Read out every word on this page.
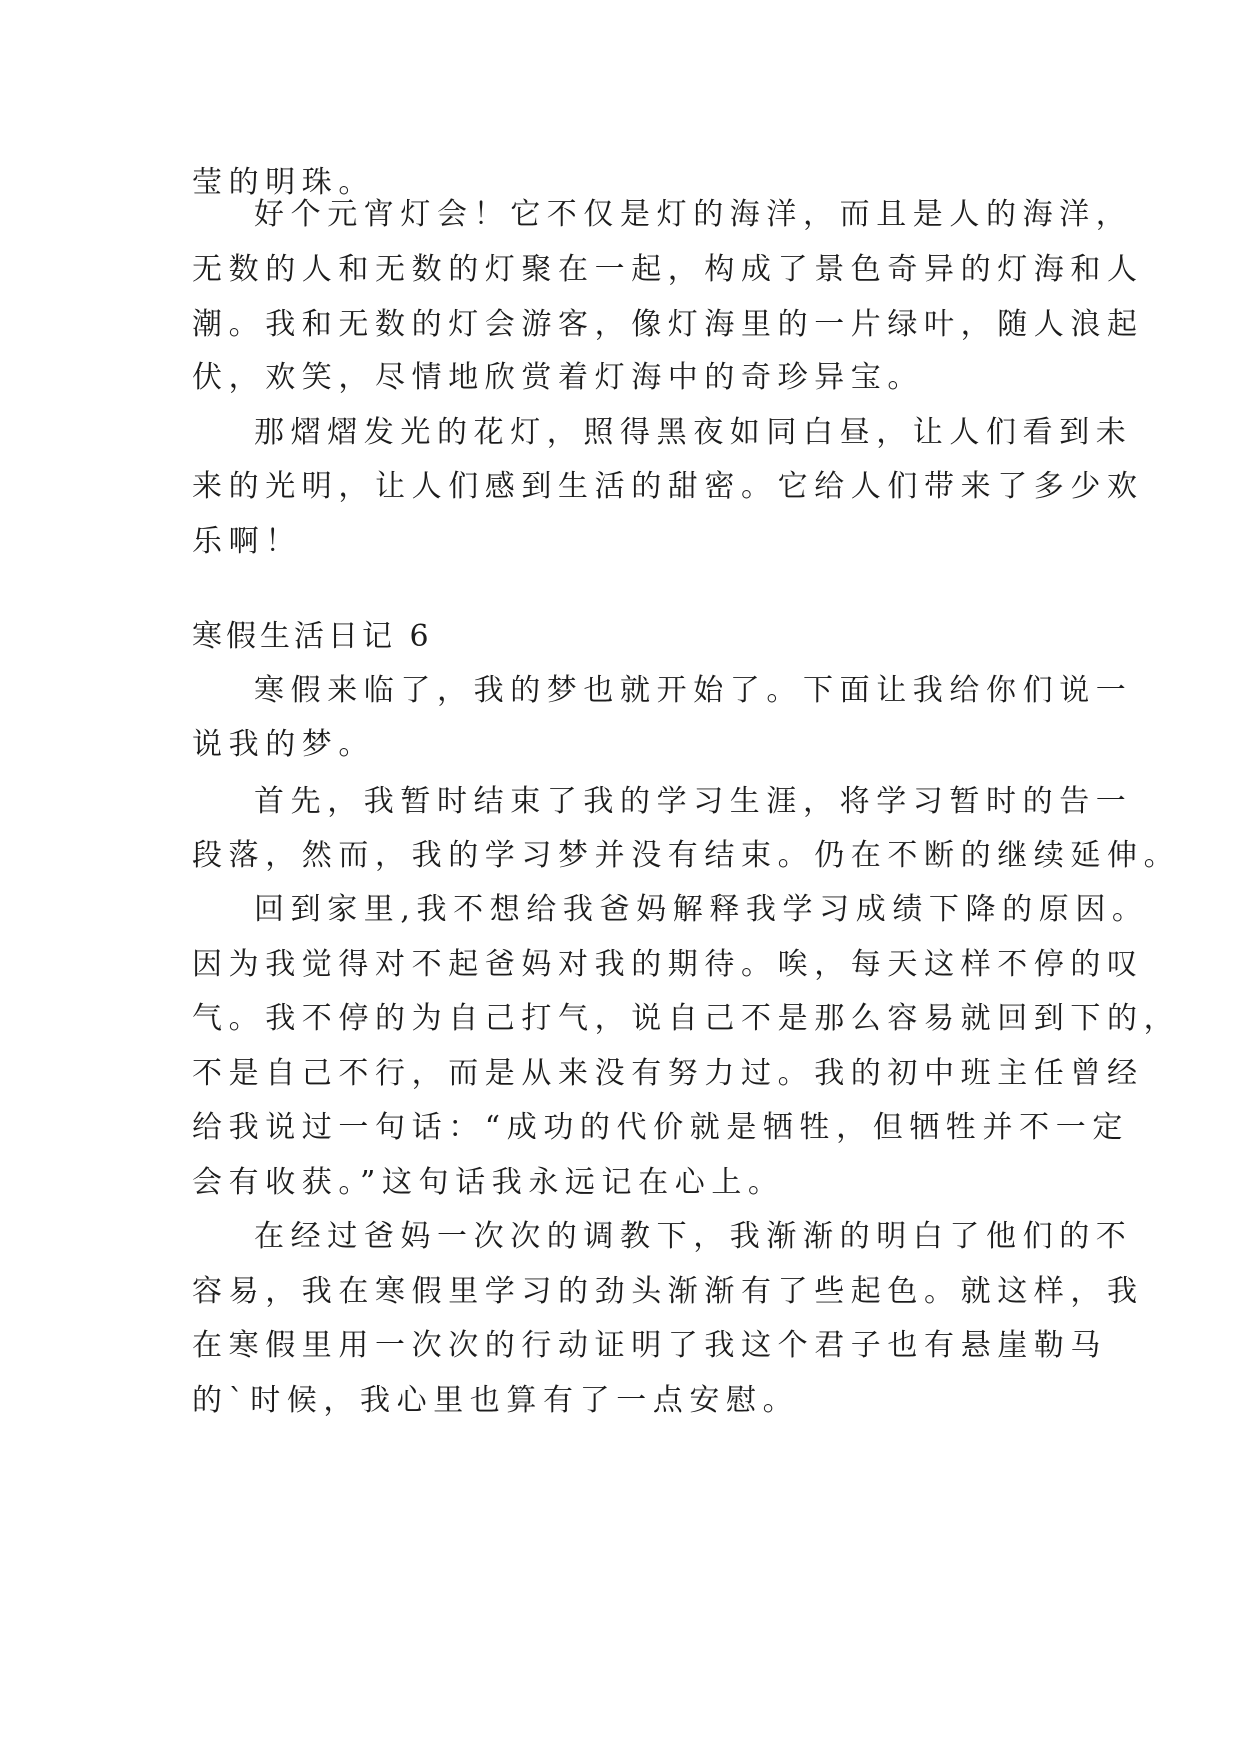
莹的明珠。

好个元宵灯会！它不仅是灯的海洋，而且是人的海洋，

无数的人和无数的灯聚在一起，构成了景色奇异的灯海和人

潮。我和无数的灯会游客，像灯海里的一片绿叶，随人浪起

伏，欢笑，尽情地欣赏着灯海中的奇珍异宝。

那熠熠发光的花灯，照得黑夜如同白昼，让人们看到未

来的光明，让人们感到生活的甜密。它给人们带来了多少欢

乐啊！

寒假生活日记 6

寒假来临了，我的梦也就开始了。下面让我给你们说一

说我的梦。

首先，我暂时结束了我的学习生涯，将学习暂时的告一

段落，然而，我的学习梦并没有结束。仍在不断的继续延伸。

回到家里,我不想给我爸妈解释我学习成绩下降的原因。

因为我觉得对不起爸妈对我的期待。唉，每天这样不停的叹

气。我不停的为自己打气，说自己不是那么容易就回到下的，

不是自己不行，而是从来没有努力过。我的初中班主任曾经

给我说过一句话：“成功的代价就是牺牲，但牺牲并不一定

会有收获。”这句话我永远记在心上。

在经过爸妈一次次的调教下，我渐渐的明白了他们的不

容易，我在寒假里学习的劲头渐渐有了些起色。就这样，我

在寒假里用一次次的行动证明了我这个君子也有悬崖勒马

的`时候，我心里也算有了一点安慰。
